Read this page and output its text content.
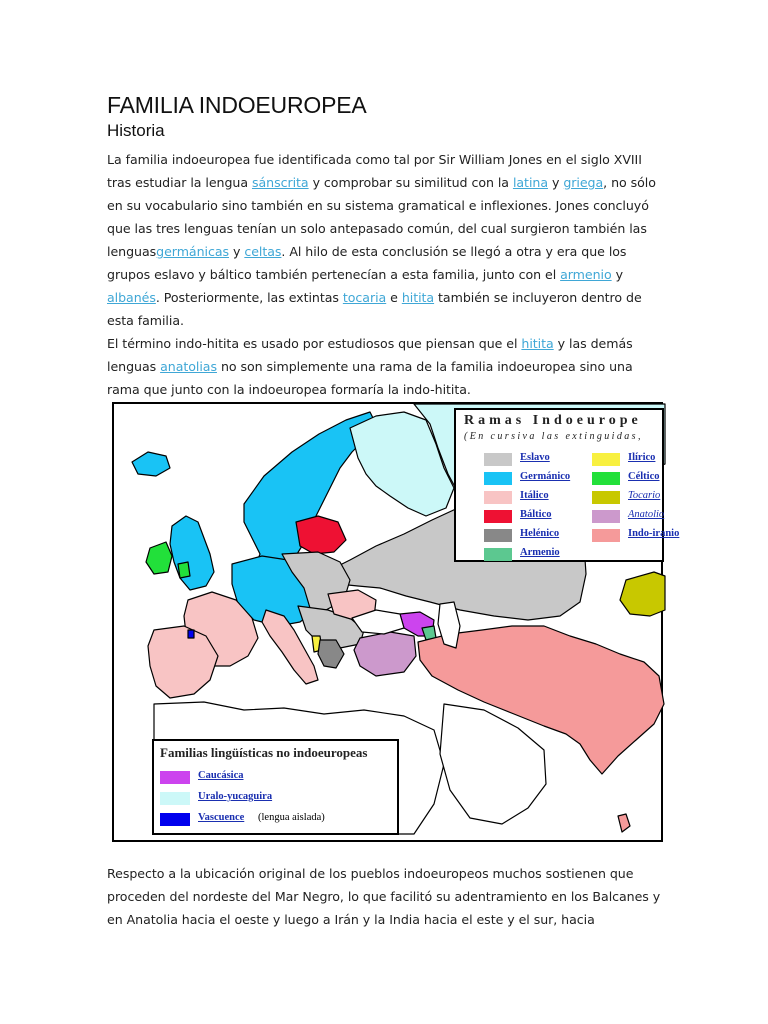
FAMILIA INDOEUROPEA
Historia

La familia indoeuropea fue identificada como tal por Sir William Jones en el siglo XVIII tras estudiar la lengua sánscrita y comprobar su similitud con la latina y griega, no sólo en su vocabulario sino también en su sistema gramatical e inflexiones. Jones concluyó que las tres lenguas tenían un solo antepasado común, del cual surgieron también las lenguasgermánicas y celtas. Al hilo de esta conclusión se llegó a otra y era que los grupos eslavo y báltico también pertenecían a esta familia, junto con el armenio y albanés. Posteriormente, las extintas tocaria e hitita también se incluyeron dentro de esta familia.

El término indo-hitita es usado por estudiosos que piensan que el hitita y las demás lenguas anatolias no son simplemente una rama de la familia indoeuropea sino una rama que junto con la indoeuropea formaría la indo-hitita.

Ramas Indoeurope
(En cursiva las extinguidas,
Eslavo
Germánico
Itálico
Báltico
Helénico
Armenio
Ilírico
Céltico
Tocario
Anatolio
Indo-iranio
Familias lingüísticas no indoeuropeas
Caucásica
Uralo-yucaguira
Vascuence (lengua aislada)

Respecto a la ubicación original de los pueblos indoeuropeos muchos sostienen que proceden del nordeste del Mar Negro, lo que facilitó su adentramiento en los Balcanes y en Anatolia hacia el oeste y luego a Irán y la India hacia el este y el sur, hacia
